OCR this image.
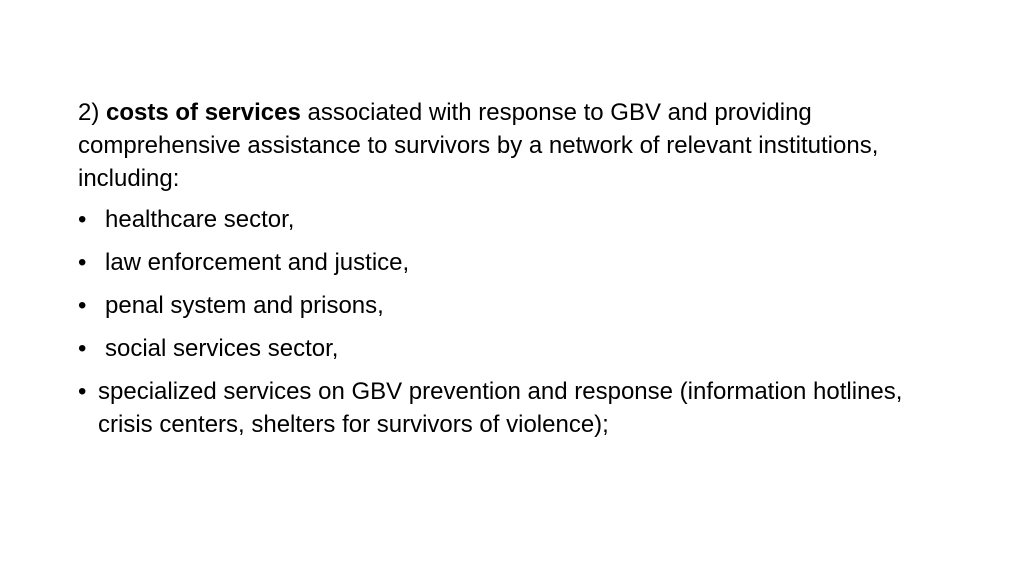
2) costs of services associated with response to GBV and providing comprehensive assistance to survivors by a network of relevant institutions, including:

• healthcare sector,
• law enforcement and justice,
• penal system and prisons,
• social services sector,
• specialized services on GBV prevention and response (information hotlines, crisis centers, shelters for survivors of violence);
